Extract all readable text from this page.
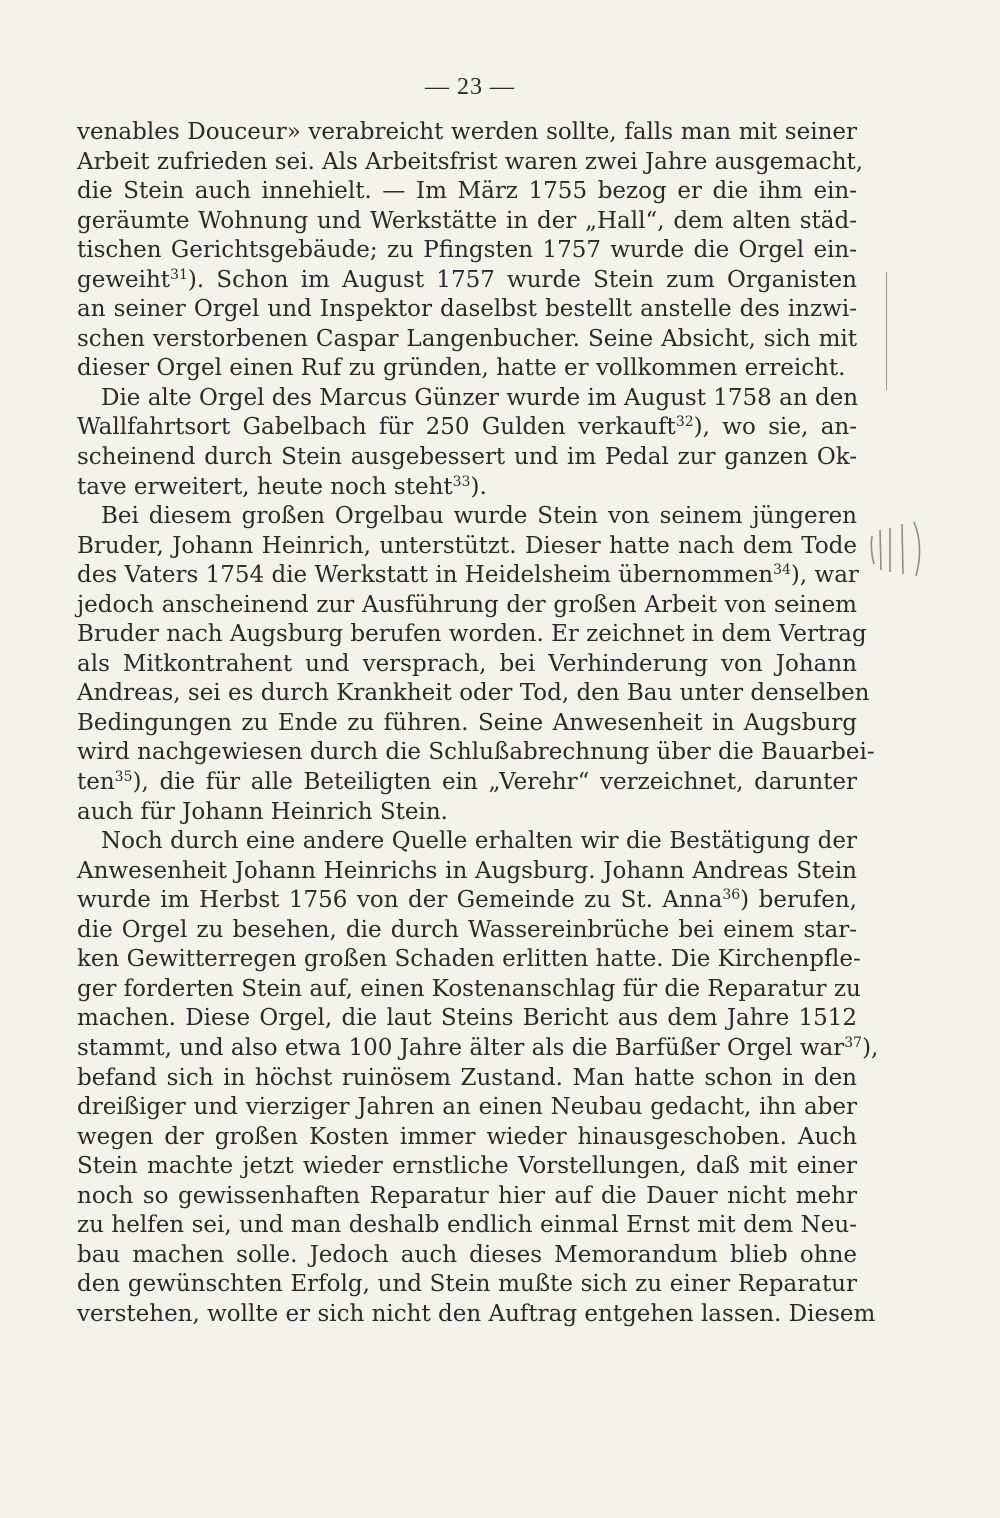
— 23 —

venables Douceur» verabreicht werden sollte, falls man mit seiner
Arbeit zufrieden sei. Als Arbeitsfrist waren zwei Jahre ausgemacht,
die Stein auch innehielt. — Im März 1755 bezog er die ihm ein-
geräumte Wohnung und Werkstätte in der „Hall“, dem alten städ-
tischen Gerichtsgebäude; zu Pfingsten 1757 wurde die Orgel ein-
geweiht$^{31}$). Schon im August 1757 wurde Stein zum Organisten
an seiner Orgel und Inspektor daselbst bestellt anstelle des inzwi-
schen verstorbenen Caspar Langenbucher. Seine Absicht, sich mit
dieser Orgel einen Ruf zu gründen, hatte er vollkommen erreicht.

Die alte Orgel des Marcus Günzer wurde im August 1758 an den
Wallfahrtsort Gabelbach für 250 Gulden verkauft$^{32}$), wo sie, an-
scheinend durch Stein ausgebessert und im Pedal zur ganzen Ok-
tave erweitert, heute noch steht$^{33}$).

Bei diesem großen Orgelbau wurde Stein von seinem jüngeren
Bruder, Johann Heinrich, unterstützt. Dieser hatte nach dem Tode
des Vaters 1754 die Werkstatt in Heidelsheim übernommen$^{34}$), war
jedoch anscheinend zur Ausführung der großen Arbeit von seinem
Bruder nach Augsburg berufen worden. Er zeichnet in dem Vertrag
als Mitkontrahent und versprach, bei Verhinderung von Johann
Andreas, sei es durch Krankheit oder Tod, den Bau unter denselben
Bedingungen zu Ende zu führen. Seine Anwesenheit in Augsburg
wird nachgewiesen durch die Schlußabrechnung über die Bauarbei-
ten$^{35}$), die für alle Beteiligten ein „Verehr“ verzeichnet, darunter
auch für Johann Heinrich Stein.

Noch durch eine andere Quelle erhalten wir die Bestätigung der
Anwesenheit Johann Heinrichs in Augsburg. Johann Andreas Stein
wurde im Herbst 1756 von der Gemeinde zu St. Anna$^{36}$) berufen,
die Orgel zu besehen, die durch Wassereinbrüche bei einem star-
ken Gewitterregen großen Schaden erlitten hatte. Die Kirchenpfle-
ger forderten Stein auf, einen Kostenanschlag für die Reparatur zu
machen. Diese Orgel, die laut Steins Bericht aus dem Jahre 1512
stammt, und also etwa 100 Jahre älter als die Barfüßer Orgel war$^{37}$),
befand sich in höchst ruinösem Zustand. Man hatte schon in den
dreißiger und vierziger Jahren an einen Neubau gedacht, ihn aber
wegen der großen Kosten immer wieder hinausgeschoben. Auch
Stein machte jetzt wieder ernstliche Vorstellungen, daß mit einer
noch so gewissenhaften Reparatur hier auf die Dauer nicht mehr
zu helfen sei, und man deshalb endlich einmal Ernst mit dem Neu-
bau machen solle. Jedoch auch dieses Memorandum blieb ohne
den gewünschten Erfolg, und Stein mußte sich zu einer Reparatur
verstehen, wollte er sich nicht den Auftrag entgehen lassen. Diesem
